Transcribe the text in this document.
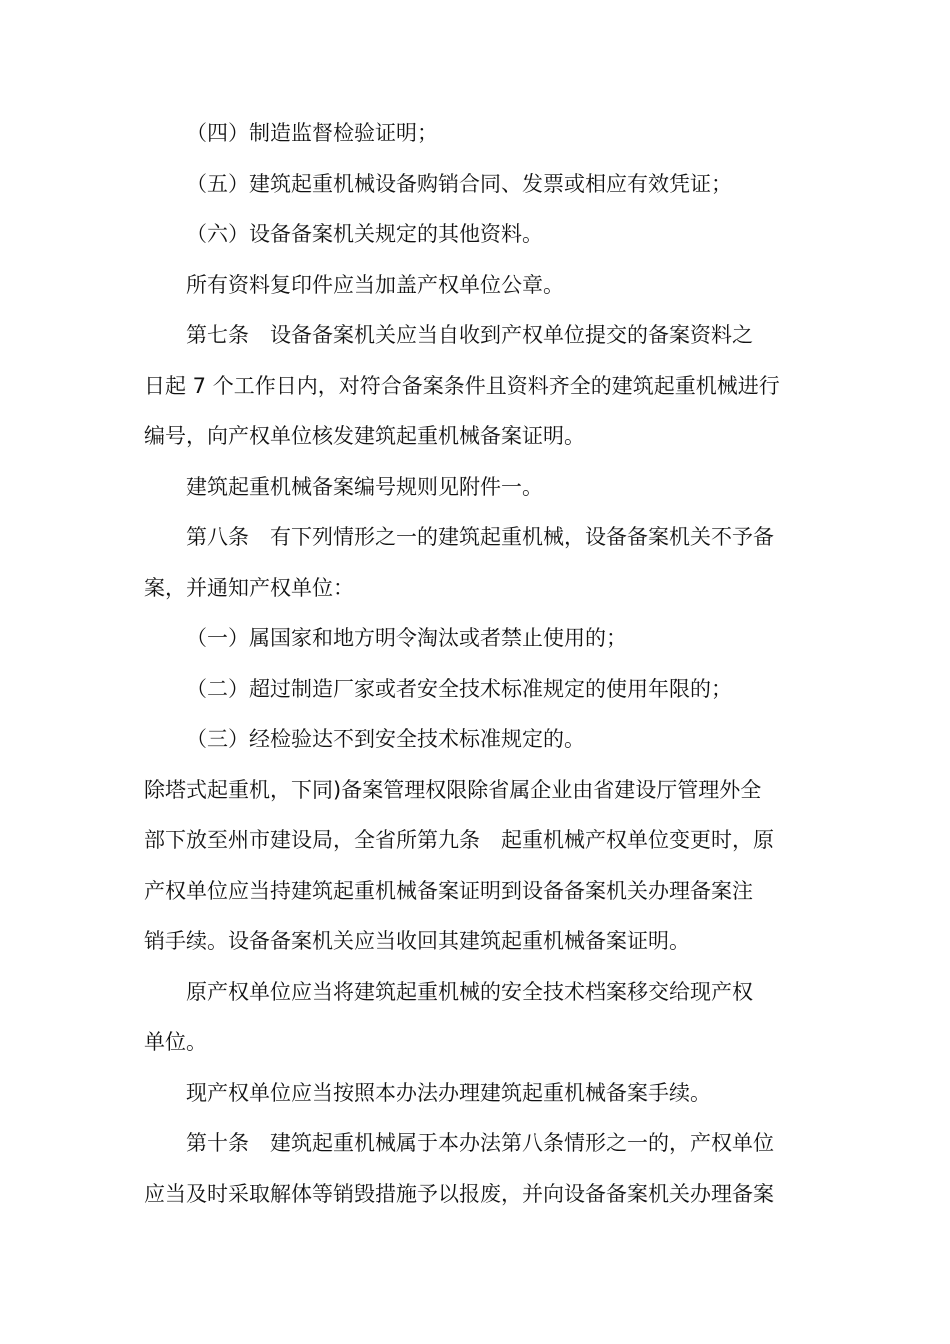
（四）制造监督检验证明；
（五）建筑起重机械设备购销合同、发票或相应有效凭证；
（六）设备备案机关规定的其他资料。
所有资料复印件应当加盖产权单位公章。
第七条　设备备案机关应当自收到产权单位提交的备案资料之
日起 7 个工作日内，对符合备案条件且资料齐全的建筑起重机械进行
编号，向产权单位核发建筑起重机械备案证明。
建筑起重机械备案编号规则见附件一。
第八条　有下列情形之一的建筑起重机械，设备备案机关不予备
案，并通知产权单位：
（一）属国家和地方明令淘汰或者禁止使用的；
（二）超过制造厂家或者安全技术标准规定的使用年限的；
（三）经检验达不到安全技术标准规定的。
除塔式起重机，下同)备案管理权限除省属企业由省建设厅管理外全
部下放至州市建设局，全省所第九条　起重机械产权单位变更时，原
产权单位应当持建筑起重机械备案证明到设备备案机关办理备案注
销手续。设备备案机关应当收回其建筑起重机械备案证明。
原产权单位应当将建筑起重机械的安全技术档案移交给现产权
单位。
现产权单位应当按照本办法办理建筑起重机械备案手续。
第十条　建筑起重机械属于本办法第八条情形之一的，产权单位
应当及时采取解体等销毁措施予以报废，并向设备备案机关办理备案
